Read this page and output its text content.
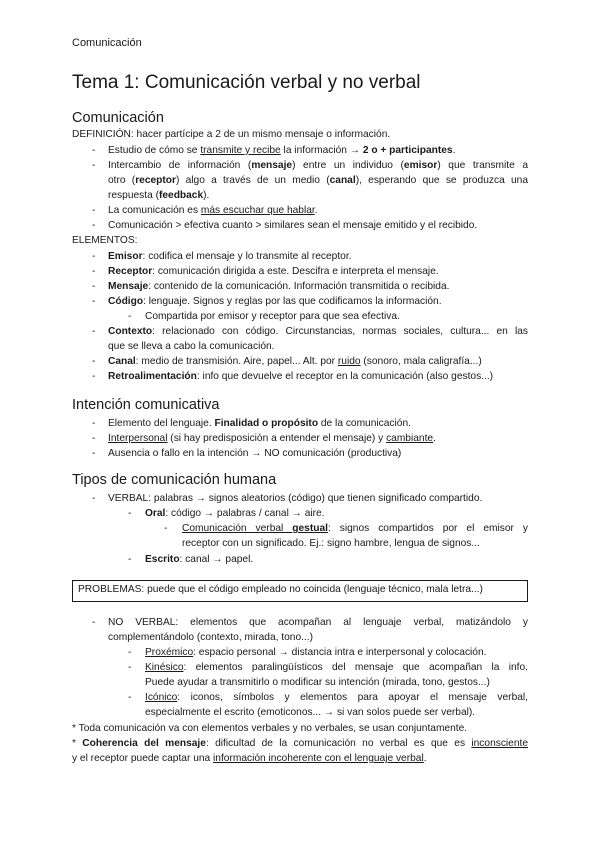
Comunicación
Tema 1: Comunicación verbal y no verbal
Comunicación
DEFINICIÓN: hacer partícipe a 2 de un mismo mensaje o información.
- Estudio de cómo se transmite y recibe la información → 2 o + participantes.
- Intercambio de información (mensaje) entre un individuo (emisor) que transmite a
otro (receptor) algo a través de un medio (canal), esperando que se produzca una
respuesta (feedback).
- La comunicación es más escuchar que hablar.
- Comunicación > efectiva cuanto > similares sean el mensaje emitido y el recibido.
ELEMENTOS:
- Emisor: codifica el mensaje y lo transmite al receptor.
- Receptor: comunicación dirigida a este. Descifra e interpreta el mensaje.
- Mensaje: contenido de la comunicación. Información transmitida o recibida.
- Código: lenguaje. Signos y reglas por las que codificamos la información.
- Compartida por emisor y receptor para que sea efectiva.
- Contexto: relacionado con código. Circunstancias, normas sociales, cultura... en las
que se lleva a cabo la comunicación.
- Canal: medio de transmisión. Aire, papel... Alt. por ruido (sonoro, mala caligrafía...)
- Retroalimentación: info que devuelve el receptor en la comunicación (also gestos...)
Intención comunicativa
- Elemento del lenguaje. Finalidad o propósito de la comunicación.
- Interpersonal (si hay predisposición a entender el mensaje) y cambiante.
- Ausencia o fallo en la intención → NO comunicación (productiva)
Tipos de comunicación humana
- VERBAL: palabras → signos aleatorios (código) que tienen significado compartido.
- Oral: código → palabras / canal → aire.
- Comunicación verbal gestual: signos compartidos por el emisor y
receptor con un significado. Ej.: signo hambre, lengua de signos...
- Escrito: canal → papel.
PROBLEMAS: puede que el código empleado no coincida (lenguaje técnico, mala letra...)
- NO VERBAL: elementos que acompañan al lenguaje verbal, matizándolo y
complementándolo (contexto, mirada, tono...)
- Proxémico: espacio personal → distancia intra e interpersonal y colocación.
- Kinésico: elementos paralingüísticos del mensaje que acompañan la info.
Puede ayudar a transmitirlo o modificar su intención (mirada, tono, gestos...)
- Icónico: iconos, símbolos y elementos para apoyar el mensaje verbal,
especialmente el escrito (emoticonos... → si van solos puede ser verbal).
* Toda comunicación va con elementos verbales y no verbales, se usan conjuntamente.
* Coherencia del mensaje: dificultad de la comunicación no verbal es que es inconsciente
y el receptor puede captar una información incoherente con el lenguaje verbal.
